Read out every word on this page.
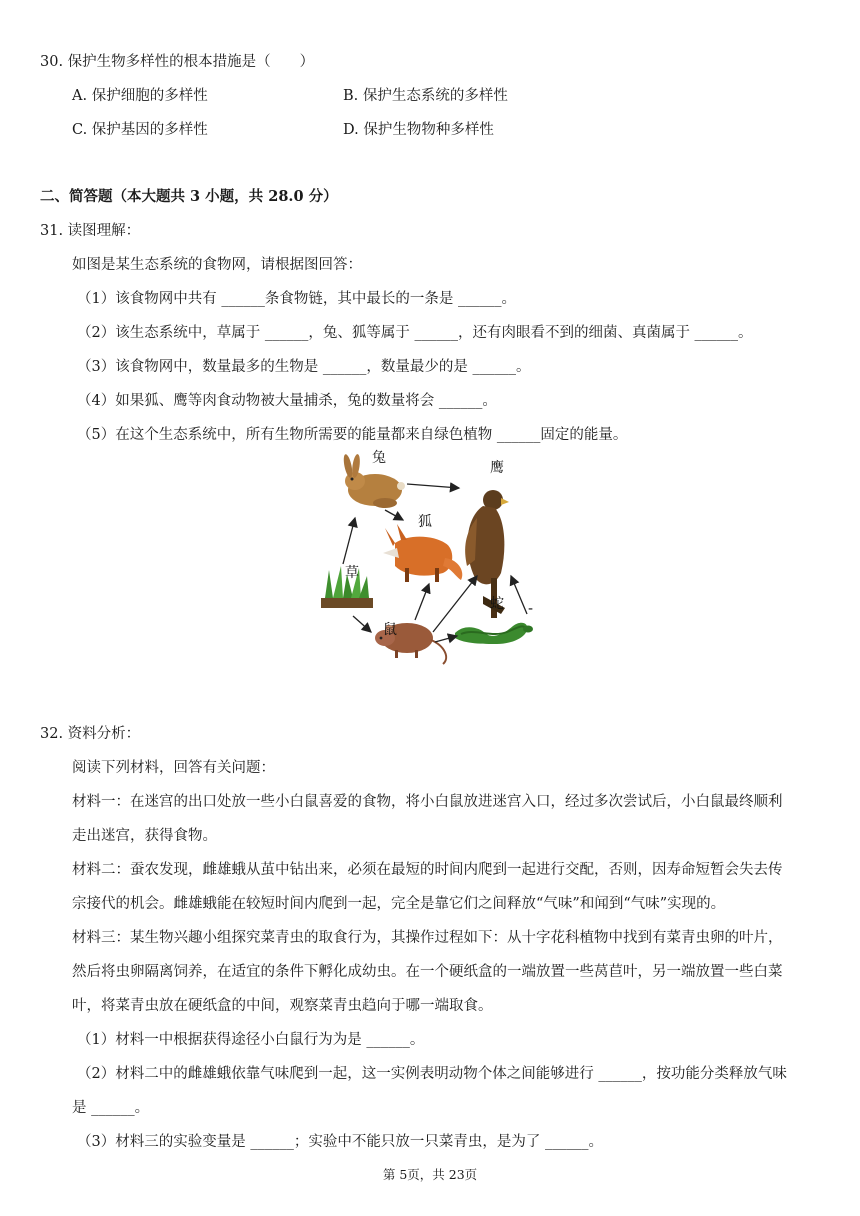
30. 保护生物多样性的根本措施是（　　）
A. 保护细胞的多样性	B. 保护生态系统的多样性
C. 保护基因的多样性	D. 保护生物物种多样性
二、简答题（本大题共 3 小题，共 28.0 分）
31. 读图理解：
如图是某生态系统的食物网，请根据图回答：
（1）该食物网中共有 ______条食物链，其中最长的一条是 ______。
（2）该生态系统中，草属于 ______，兔、狐等属于 ______，还有肉眼看不到的细菌、真菌属于 ______。
（3）该食物网中，数量最多的生物是 ______，数量最少的是 ______。
（4）如果狐、鹰等肉食动物被大量捕杀，兔的数量将会 ______。
（5）在这个生态系统中，所有生物所需要的能量都来自绿色植物 ______固定的能量。
兔
鹰
狐
草
鼠
蛇 -
32. 资料分析：
阅读下列材料，回答有关问题：
材料一：在迷宫的出口处放一些小白鼠喜爱的食物，将小白鼠放进迷宫入口，经过多次尝试后，小白鼠最终顺利
走出迷宫，获得食物。
材料二：蚕农发现，雌雄蛾从茧中钻出来，必须在最短的时间内爬到一起进行交配，否则，因寿命短暂会失去传
宗接代的机会。雌雄蛾能在较短时间内爬到一起，完全是靠它们之间释放“气味”和闻到“气味”实现的。
材料三：某生物兴趣小组探究菜青虫的取食行为，其操作过程如下：从十字花科植物中找到有菜青虫卵的叶片，
然后将虫卵隔离饲养，在适宜的条件下孵化成幼虫。在一个硬纸盒的一端放置一些莴苣叶，另一端放置一些白菜
叶，将菜青虫放在硬纸盒的中间，观察菜青虫趋向于哪一端取食。
（1）材料一中根据获得途径小白鼠行为为是 ______。
（2）材料二中的雌雄蛾依靠气味爬到一起，这一实例表明动物个体之间能够进行 ______，按功能分类释放气味
是 ______。
（3）材料三的实验变量是 ______；实验中不能只放一只菜青虫，是为了 ______。
第 5页，共 23页
